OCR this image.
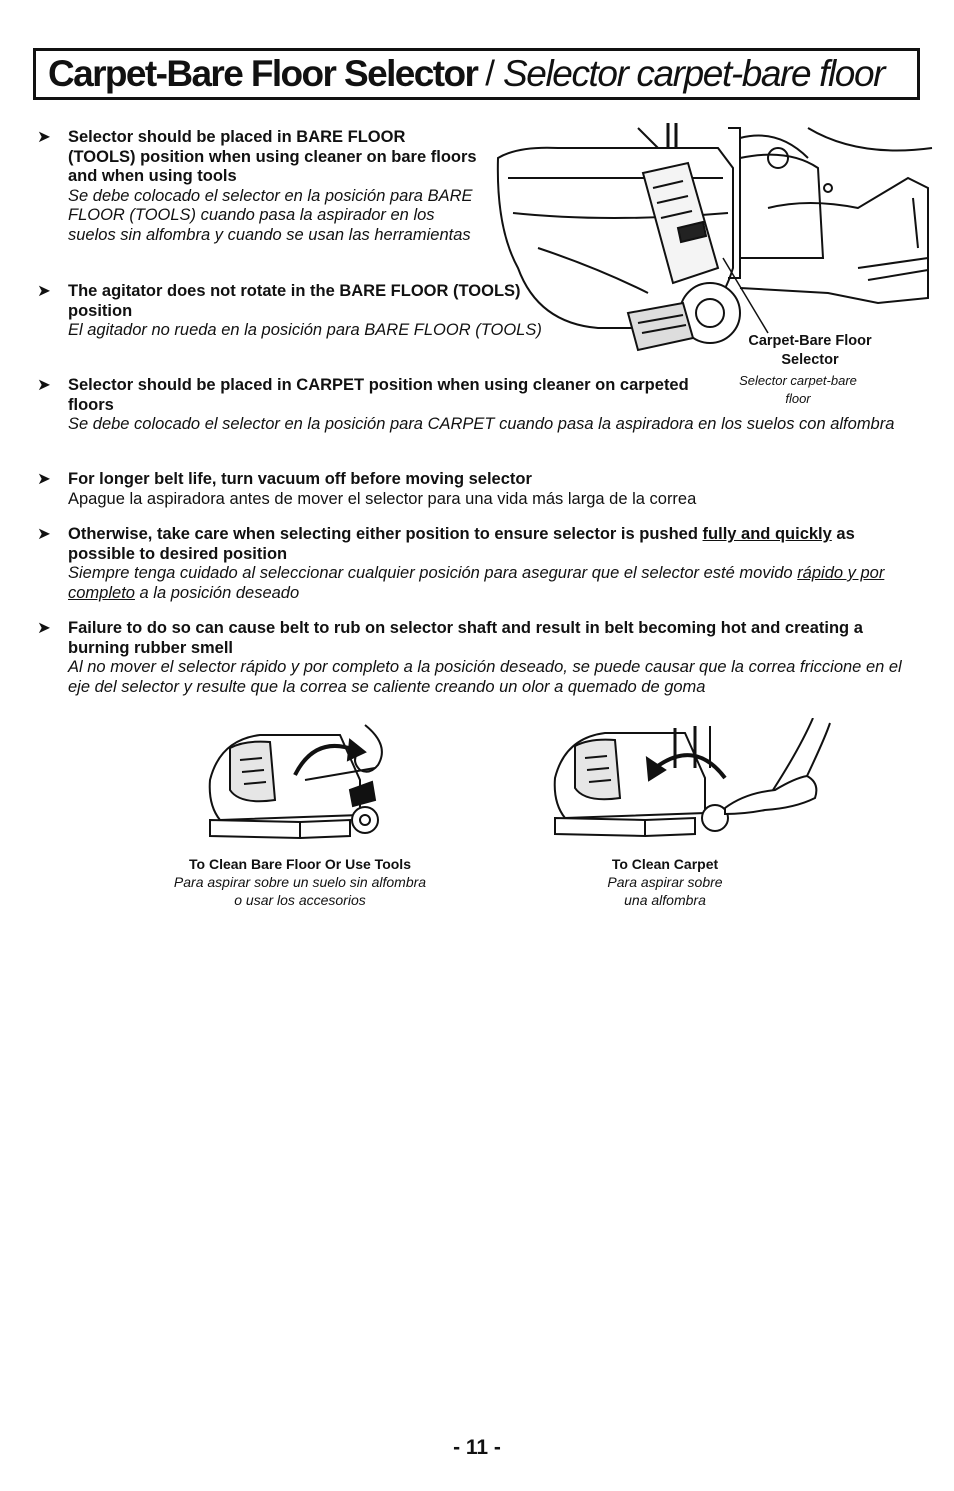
Carpet-Bare Floor Selector / Selector carpet-bare floor
➤	Selector should be placed in BARE FLOOR (TOOLS) position when using cleaner on bare floors and when using tools
Se debe colocado el selector en la posición para BARE FLOOR (TOOLS) cuando pasa la aspirador en los suelos sin alfombra y cuando se usan las herramientas
➤	The agitator does not rotate in the BARE FLOOR (TOOLS) position
El agitador no rueda en la posición para BARE FLOOR (TOOLS)
➤	Selector should be placed in CARPET position when using cleaner on carpeted floors
Se debe colocado el selector en la posición para CARPET cuando pasa la aspiradora en los suelos con alfombra
➤	For longer belt life, turn vacuum off before moving selector
Apague la aspiradora antes de mover el selector para una vida más larga de la correa
➤	Otherwise, take care when selecting either position to ensure selector is pushed fully and quickly as possible to desired position
Siempre tenga cuidado al seleccionar cualquier posición para asegurar que el selector esté movido rápido y por completo a la posición deseado
➤	Failure to do so can cause belt to rub on selector shaft and result in belt becoming hot and creating a burning rubber smell
Al no mover el selector rápido y por completo a la posición deseado, se puede causar que la correa friccione en el eje del selector y resulte que la correa se caliente creando un olor a quemado de goma
Carpet-Bare Floor Selector
Selector carpet-bare floor
To Clean Bare Floor Or Use Tools
Para aspirar sobre un suelo sin alfombra o usar los accesorios
To Clean Carpet
Para aspirar sobre una alfombra
- 11 -
